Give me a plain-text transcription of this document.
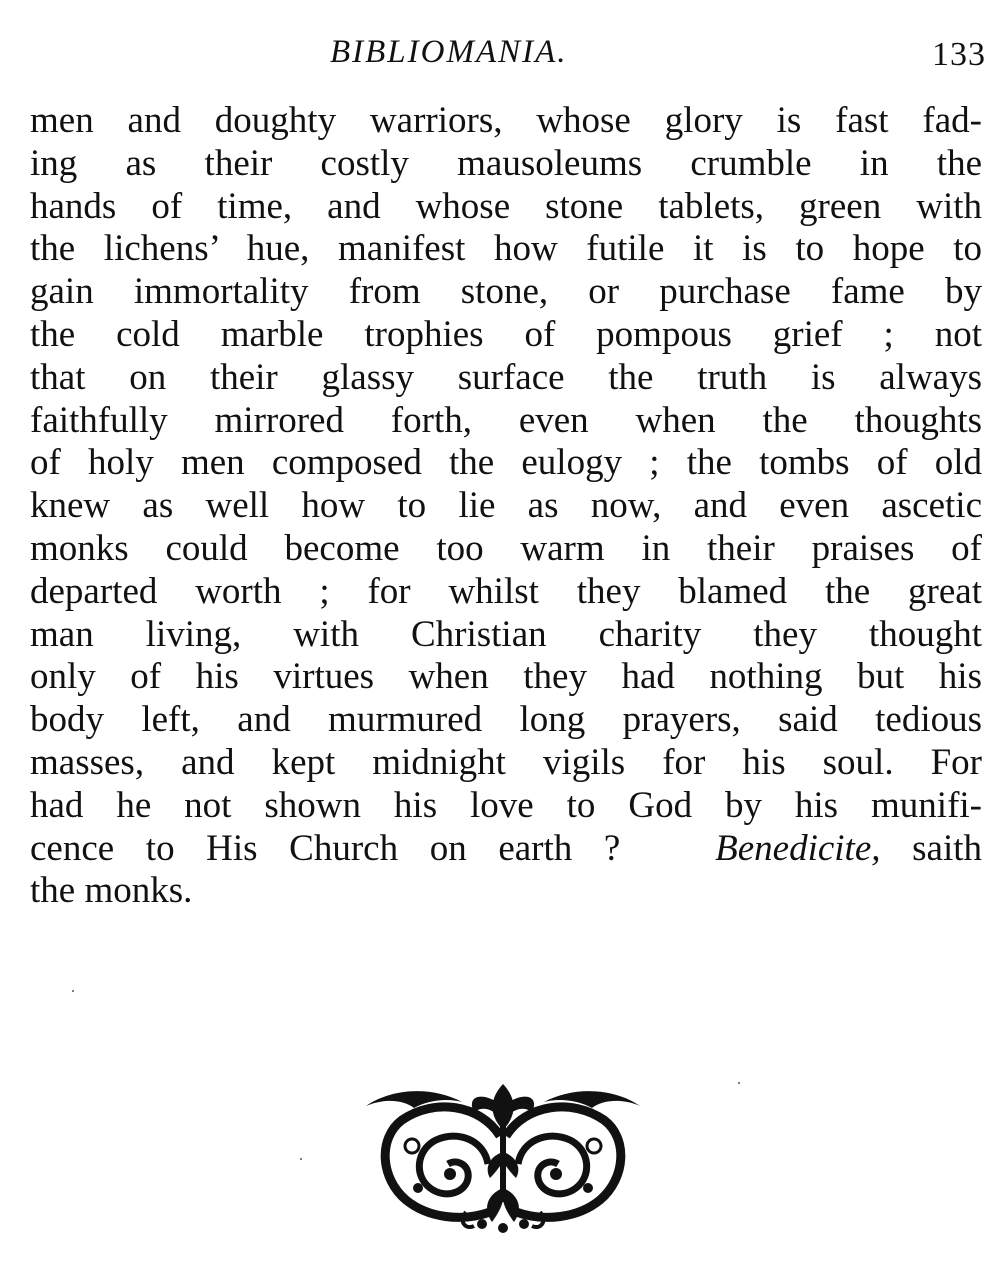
BIBLIOMANIA.	133
men and doughty warriors, whose glory is fast fad-
ing as their costly mausoleums crumble in the
hands of time, and whose stone tablets, green with
the lichens’ hue, manifest how futile it is to hope to
gain immortality from stone, or purchase fame by
the cold marble trophies of pompous grief ; not
that on their glassy surface the truth is always
faithfully mirrored forth, even when the thoughts
of holy men composed the eulogy ; the tombs of old
knew as well how to lie as now, and even ascetic
monks could become too warm in their praises of
departed worth ; for whilst they blamed the great
man living, with Christian charity they thought
only of his virtues when they had nothing but his
body left, and murmured long prayers, said tedious
masses, and kept midnight vigils for his soul. For
had he not shown his love to God by his munifi-
cence to His Church on earth ?	Benedicite, saith
the monks.
